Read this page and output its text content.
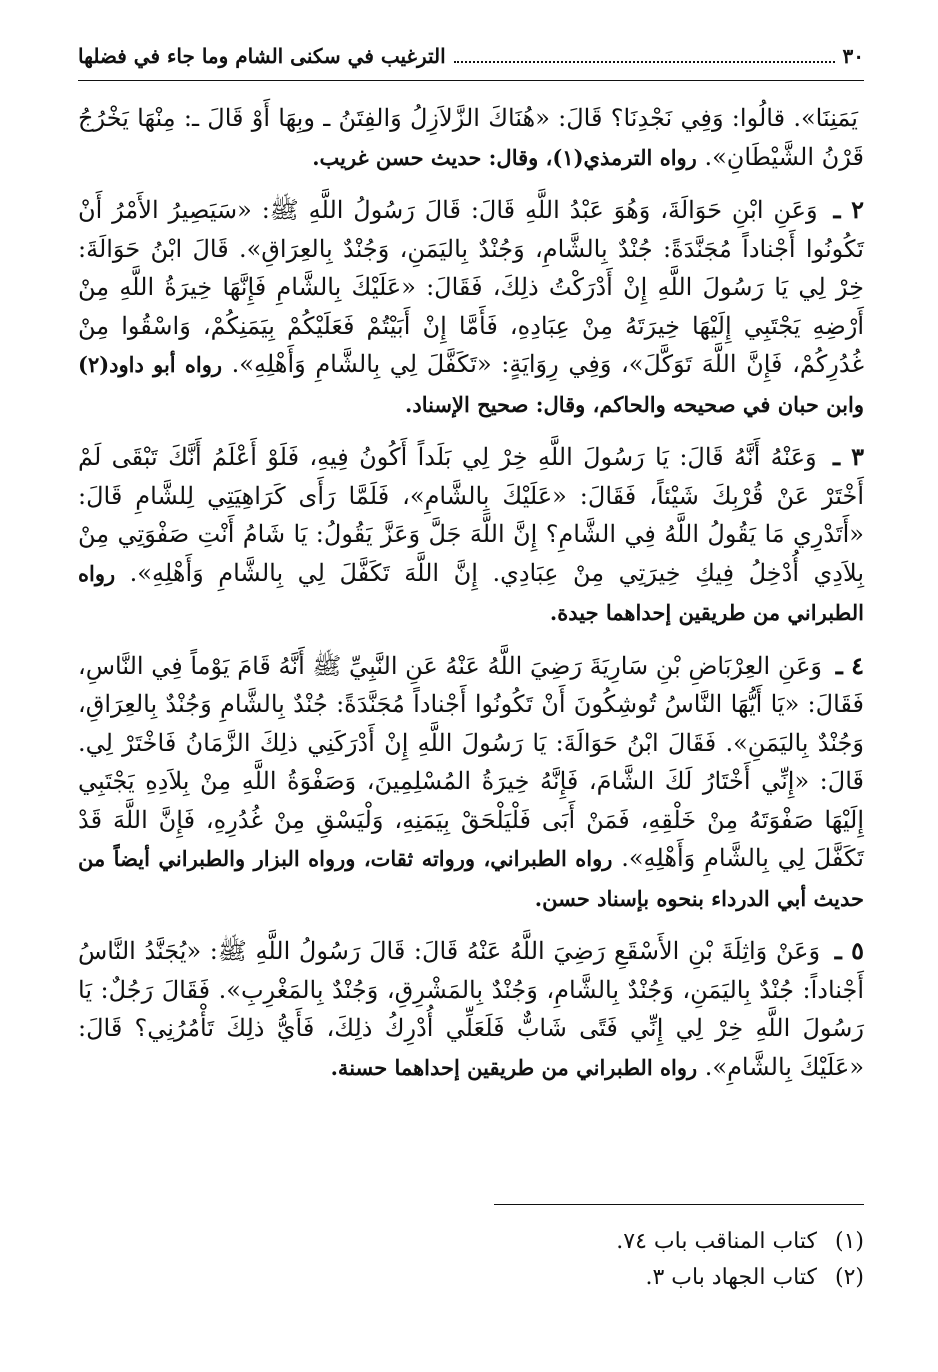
٣٠
الترغيب في سكنى الشام وما جاء في فضلها

يَمَنِنَا». قالُوا: وَفِي نَجْدِنَا؟ قَالَ: «هُنَاكَ الزَّلاَزِلُ وَالفِتَنُ ـ وبِهَا أَوْ قَالَ ـ: مِنْهَا يَخْرُجُ قَرْنُ الشَّيْطَانِ». رواه الترمذي(١)، وقال: حديث حسن غريب.

٢ ـ وَعَنِ ابْنِ حَوَالَةَ، وَهُوَ عَبْدُ اللَّهِ قَالَ: قَالَ رَسُولُ اللَّهِ ﷺ: «سَيَصِيرُ الأَمْرُ أَنْ تَكُونُوا أَجْناداً مُجَنَّدَةً: جُنْدٌ بِالشَّامِ، وَجُنْدٌ بِاليَمَنِ، وَجُنْدٌ بِالعِرَاقِ». قَالَ ابْنُ حَوَالَةَ: خِرْ لِي يَا رَسُولَ اللَّهِ إِنْ أَدْرَكْتُ ذلِكَ، فَقَالَ: «عَلَيْكَ بِالشَّامِ فَإِنَّهَا خِيرَةُ اللَّهِ مِنْ أَرْضِهِ يَجْتَبِي إِلَيْهَا خِيرَتَهُ مِنْ عِبَادِهِ، فَأَمَّا إِنْ أَبَيْتُمْ فَعَلَيْكُمْ بِيَمَنِكُمْ، وَاسْقُوا مِنْ غُدُرِكُمْ، فَإِنَّ اللَّهَ تَوَكَّلَ»، وَفِي رِوَايَةٍ: «تَكَفَّلَ لِي بِالشَّامِ وَأَهْلِهِ». رواه أبو داود(٢) وابن حبان في صحيحه والحاكم، وقال: صحيح الإسناد.

٣ ـ وَعَنْهُ أَنَّهُ قَالَ: يَا رَسُولَ اللَّهِ خِرْ لِي بَلَداً أَكُونُ فِيهِ، فَلَوْ أَعْلَمُ أَنَّكَ تَبْقَى لَمْ أَخْتَرْ عَنْ قُرْبِكَ شَيْئاً، فَقَالَ: «عَلَيْكَ بِالشَّامِ»، فَلَمَّا رَأَى كَرَاهِيَتِي لِلشَّامِ قَالَ: «أَتَدْرِي مَا يَقُولُ اللَّهُ فِي الشَّامِ؟ إِنَّ اللَّهَ جَلَّ وَعَزَّ يَقُولُ: يَا شَامُ أَنْتِ صَفْوَتِي مِنْ بِلاَدِي أُدْخِلُ فِيكِ خِيرَتِي مِنْ عِبَادِي. إِنَّ اللَّهَ تَكَفَّلَ لِي بِالشَّامِ وَأَهْلِهِ». رواه الطبراني من طريقين إحداهما جيدة.

٤ ـ وَعَنِ العِرْبَاضِ بْنِ سَارِيَةَ رَضِيَ اللَّهُ عَنْهُ عَنِ النَّبِيِّ ﷺ أَنَّهُ قَامَ يَوْماً فِي النَّاسِ، فَقَالَ: «يَا أَيُّهَا النَّاسُ تُوشِكُونَ أَنْ تَكُونُوا أَجْناداً مُجَنَّدَةً: جُنْدٌ بِالشَّامِ وَجُنْدٌ بِالعِرَاقِ، وَجُنْدٌ بِاليَمَنِ». فَقَالَ ابْنُ حَوَالَةَ: يَا رَسُولَ اللَّهِ إِنْ أَدْرَكَنِي ذلِكَ الزَّمَانُ فَاخْتَرْ لِي. قَالَ: «إِنِّي أَخْتَارُ لَكَ الشَّامَ، فَإِنَّهُ خِيرَةُ المُسْلِمِينَ، وَصَفْوَةُ اللَّهِ مِنْ بِلاَدِهِ يَجْتَبِي إِلَيْهَا صَفْوَتَهُ مِنْ خَلْقِهِ، فَمَنْ أَبَى فَلْيَلْحَقْ بِيَمَنِهِ، وَلْيَسْقِ مِنْ غُدُرِهِ، فَإِنَّ اللَّهَ قَدْ تَكَفَّلَ لِي بِالشَّامِ وَأَهْلِهِ». رواه الطبراني، ورواته ثقات، ورواه البزار والطبراني أيضاً من حديث أبي الدرداء بنحوه بإسناد حسن.

٥ ـ وَعَنْ وَاثِلَةَ بْنِ الأَسْقَعِ رَضِيَ اللَّهُ عَنْهُ قَالَ: قَالَ رَسُولُ اللَّهِ ﷺ: «يُجَنَّدُ النَّاسُ أَجْناداً: جُنْدٌ بِاليَمَنِ، وَجُنْدٌ بِالشَّامِ، وَجُنْدٌ بِالمَشْرِقِ، وَجُنْدٌ بِالمَغْرِبِ». فَقَالَ رَجُلٌ: يَا رَسُولَ اللَّهِ خِرْ لِي إِنِّي فَتًى شَابٌّ فَلَعَلِّي أُدْرِكُ ذلِكَ، فَأَيُّ ذلِكَ تَأْمُرُنِي؟ قَالَ: «عَلَيْكَ بِالشَّامِ». رواه الطبراني من طريقين إحداهما حسنة.

(١)
كتاب المناقب باب ٧٤.
(٢)
كتاب الجهاد باب ٣.
